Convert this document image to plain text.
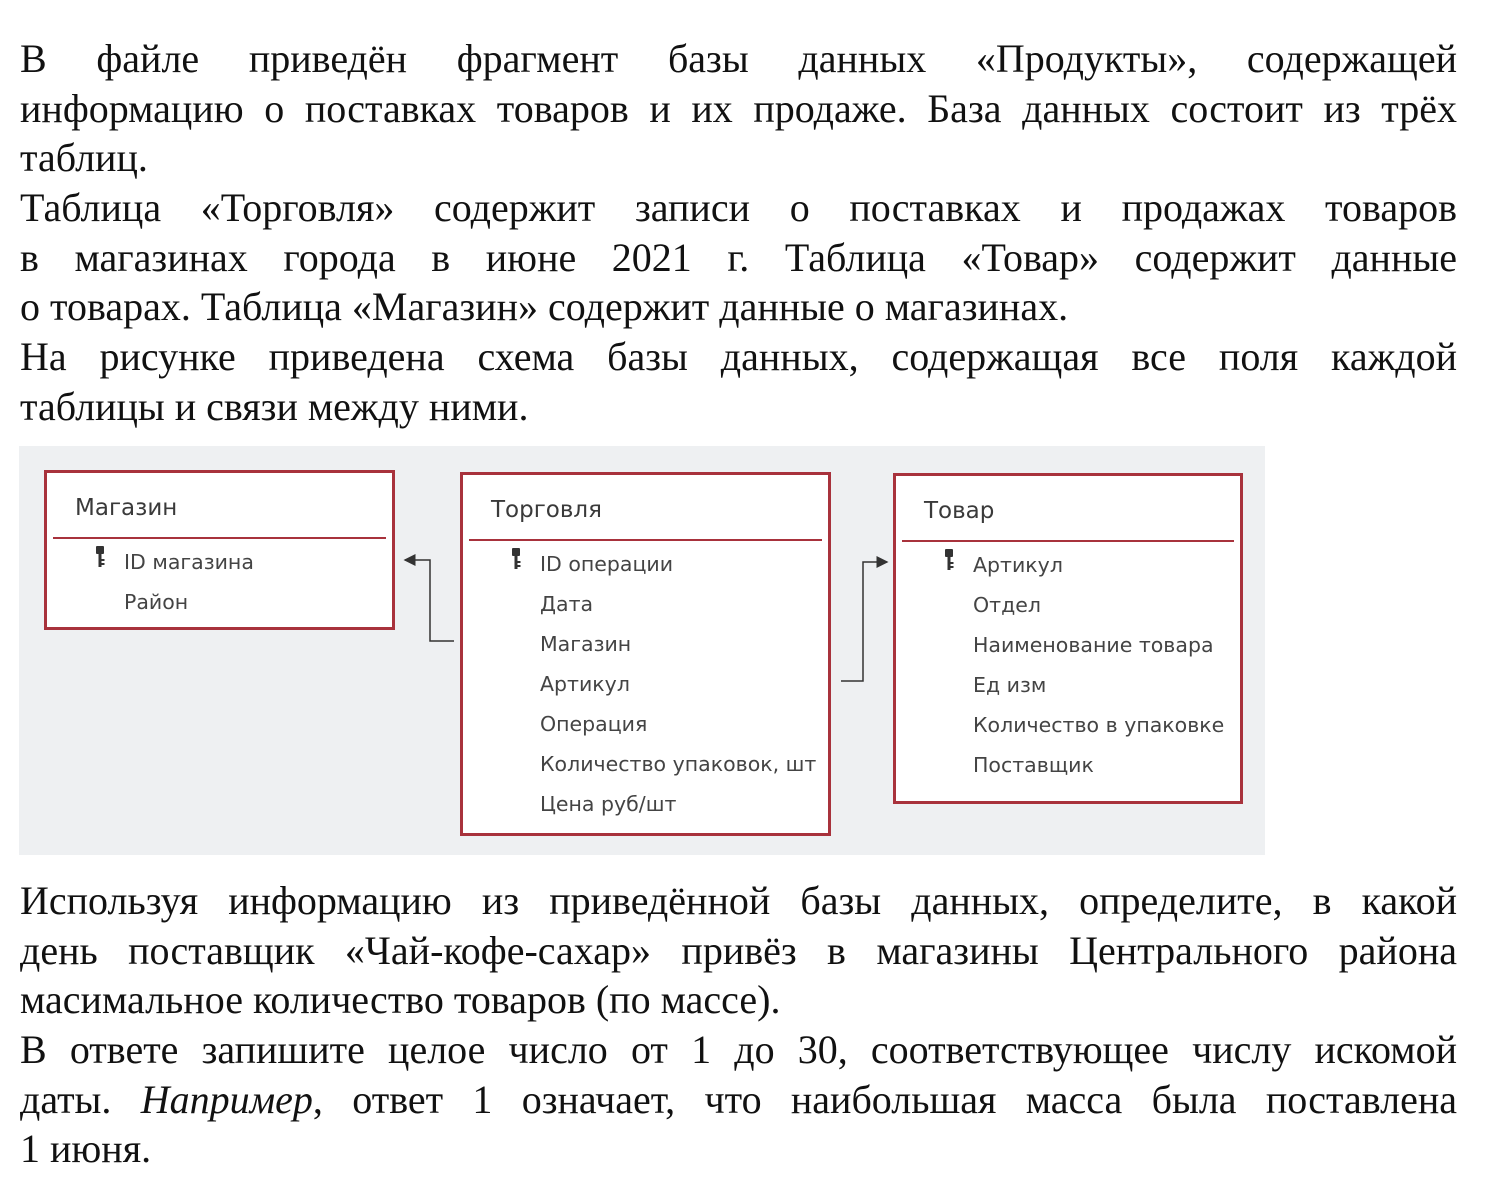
В файле приведён фрагмент базы данных «Продукты», содержащей
информацию о поставках товаров и их продаже. База данных состоит из трёх
таблиц.
Таблица «Торговля» содержит записи о поставках и продажах товаров
в магазинах города в июне 2021 г. Таблица «Товар» содержит данные
о товарах. Таблица «Магазин» содержит данные о магазинах.
На рисунке приведена схема базы данных, содержащая все поля каждой
таблицы и связи между ними.
Магазин
ID магазина
Район
Торговля
ID операции
Дата
Магазин
Артикул
Операция
Количество упаковок, шт
Цена руб/шт
Товар
Артикул
Отдел
Наименование товара
Ед изм
Количество в упаковке
Поставщик
Используя информацию из приведённой базы данных, определите, в какой
день поставщик «Чай-кофе-сахар» привёз в магазины Центрального района
масимальное количество товаров (по массе).
В ответе запишите целое число от 1 до 30, соответствующее числу искомой
даты. Например, ответ 1 означает, что наибольшая масса была поставлена
1 июня.
